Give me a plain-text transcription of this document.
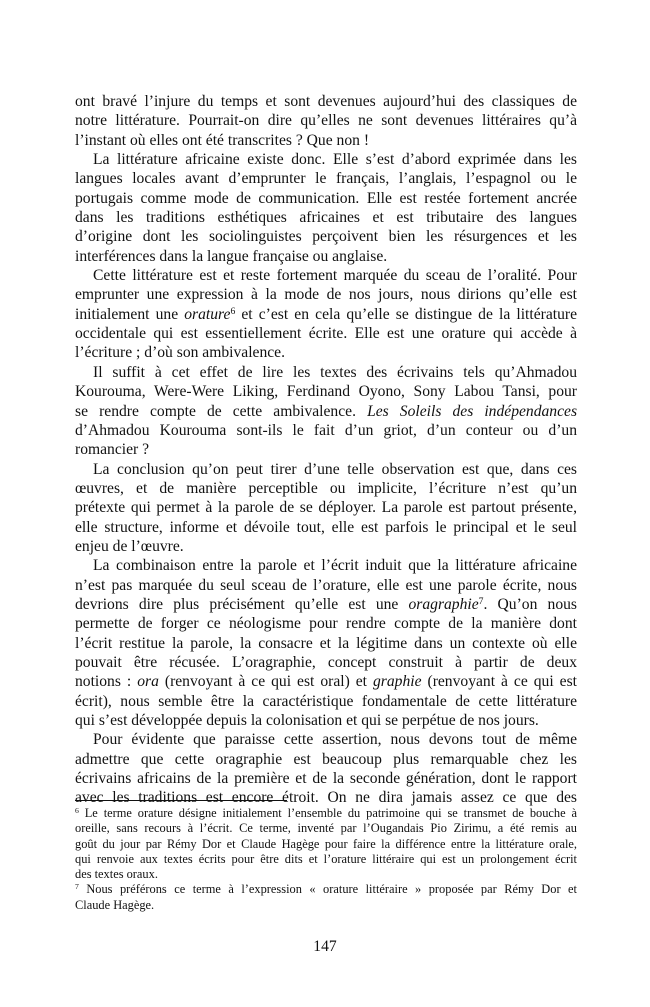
ont bravé l’injure du temps et sont devenues aujourd’hui des classiques de
notre littérature. Pourrait-on dire qu’elles ne sont devenues littéraires qu’à
l’instant où elles ont été transcrites ? Que non !
La littérature africaine existe donc. Elle s’est d’abord exprimée dans les
langues locales avant d’emprunter le français, l’anglais, l’espagnol ou le
portugais comme mode de communication. Elle est restée fortement ancrée
dans les traditions esthétiques africaines et est tributaire des langues
d’origine dont les sociolinguistes perçoivent bien les résurgences et les
interférences dans la langue française ou anglaise.
Cette littérature est et reste fortement marquée du sceau de l’oralité. Pour
emprunter une expression à la mode de nos jours, nous dirions qu’elle est
initialement une orature$^6$ et c’est en cela qu’elle se distingue de la littérature
occidentale qui est essentiellement écrite. Elle est une orature qui accède à
l’écriture ; d’où son ambivalence.
Il suffit à cet effet de lire les textes des écrivains tels qu’Ahmadou
Kourouma, Were-Were Liking, Ferdinand Oyono, Sony Labou Tansi, pour
se rendre compte de cette ambivalence. Les Soleils des indépendances
d’Ahmadou Kourouma sont-ils le fait d’un griot, d’un conteur ou d’un
romancier ?
La conclusion qu’on peut tirer d’une telle observation est que, dans ces
œuvres, et de manière perceptible ou implicite, l’écriture n’est qu’un
prétexte qui permet à la parole de se déployer. La parole est partout présente,
elle structure, informe et dévoile tout, elle est parfois le principal et le seul
enjeu de l’œuvre.
La combinaison entre la parole et l’écrit induit que la littérature africaine
n’est pas marquée du seul sceau de l’orature, elle est une parole écrite, nous
devrions dire plus précisément qu’elle est une oragraphie$^7$. Qu’on nous
permette de forger ce néologisme pour rendre compte de la manière dont
l’écrit restitue la parole, la consacre et la légitime dans un contexte où elle
pouvait être récusée. L’oragraphie, concept construit à partir de deux
notions : ora (renvoyant à ce qui est oral) et graphie (renvoyant à ce qui est
écrit), nous semble être la caractéristique fondamentale de cette littérature
qui s’est développée depuis la colonisation et qui se perpétue de nos jours.
Pour évidente que paraisse cette assertion, nous devons tout de même
admettre que cette oragraphie est beaucoup plus remarquable chez les
écrivains africains de la première et de la seconde génération, dont le rapport
avec les traditions est encore étroit. On ne dira jamais assez ce que des
$^6$ Le terme orature désigne initialement l’ensemble du patrimoine qui se transmet de bouche à
oreille, sans recours à l’écrit. Ce terme, inventé par l’Ougandais Pio Zirimu, a été remis au
goût du jour par Rémy Dor et Claude Hagège pour faire la différence entre la littérature orale,
qui renvoie aux textes écrits pour être dits et l’orature littéraire qui est un prolongement écrit
des textes oraux.
$^7$ Nous préférons ce terme à l’expression « orature littéraire » proposée par Rémy Dor et
Claude Hagège.
147
